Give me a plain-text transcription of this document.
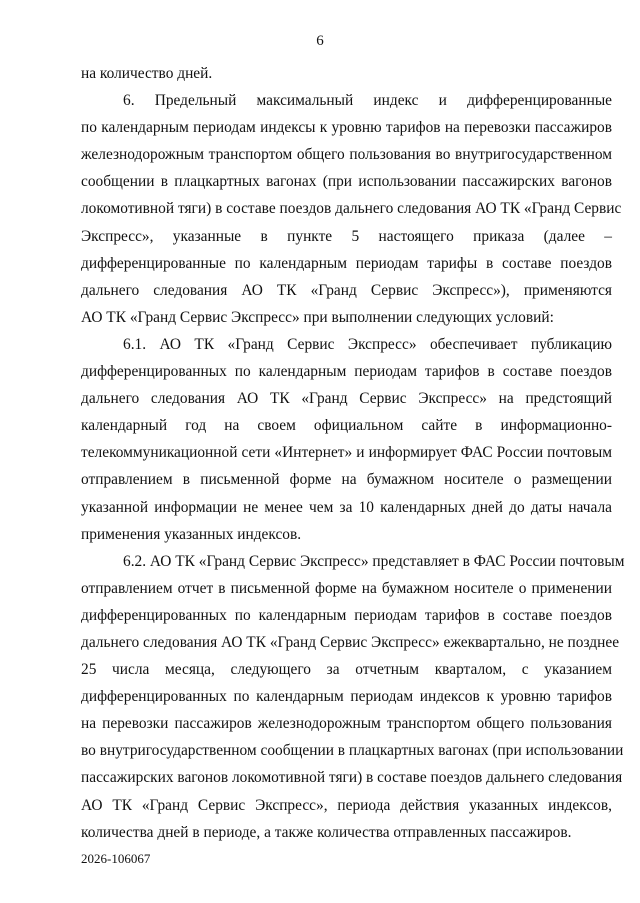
6
на количество дней.
6. Предельный максимальный индекс и дифференцированные
по календарным периодам индексы к уровню тарифов на перевозки пассажиров
железнодорожным транспортом общего пользования во внутригосударственном
сообщении в плацкартных вагонах (при использовании пассажирских вагонов
локомотивной тяги) в составе поездов дальнего следования АО ТК «Гранд Сервис
Экспресс», указанные в пункте 5 настоящего приказа (далее –
дифференцированные по календарным периодам тарифы в составе поездов
дальнего следования АО ТК «Гранд Сервис Экспресс»), применяются
АО ТК «Гранд Сервис Экспресс» при выполнении следующих условий:
6.1. АО ТК «Гранд Сервис Экспресс» обеспечивает публикацию
дифференцированных по календарным периодам тарифов в составе поездов
дальнего следования АО ТК «Гранд Сервис Экспресс» на предстоящий
календарный год на своем официальном сайте в информационно-
телекоммуникационной сети «Интернет» и информирует ФАС России почтовым
отправлением в письменной форме на бумажном носителе о размещении
указанной информации не менее чем за 10 календарных дней до даты начала
применения указанных индексов.
6.2. АО ТК «Гранд Сервис Экспресс» представляет в ФАС России почтовым
отправлением отчет в письменной форме на бумажном носителе о применении
дифференцированных по календарным периодам тарифов в составе поездов
дальнего следования АО ТК «Гранд Сервис Экспресс» ежеквартально, не позднее
25 числа месяца, следующего за отчетным кварталом, с указанием
дифференцированных по календарным периодам индексов к уровню тарифов
на перевозки пассажиров железнодорожным транспортом общего пользования
во внутригосударственном сообщении в плацкартных вагонах (при использовании
пассажирских вагонов локомотивной тяги) в составе поездов дальнего следования
АО ТК «Гранд Сервис Экспресс», периода действия указанных индексов,
количества дней в периоде, а также количества отправленных пассажиров.
2026-106067
